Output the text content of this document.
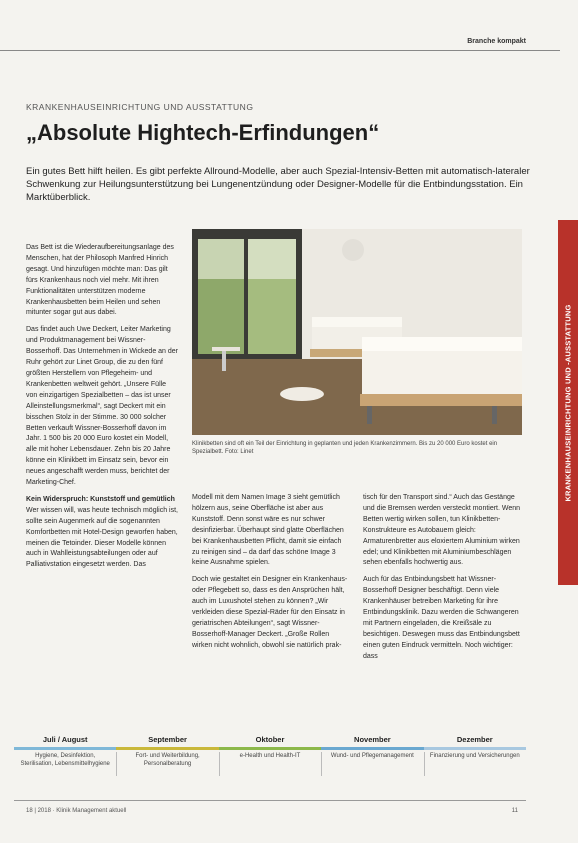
Branche kompakt
KRANKENHAUSEINRICHTUNG UND -AUSSTATTUNG
KRANKENHAUSEINRICHTUNG UND AUSSTATTUNG
„Absolute Hightech-Erfindungen“

Ein gutes Bett hilft heilen. Es gibt perfekte Allround-Modelle, aber auch Spezial-Intensiv-Betten mit automatisch-lateraler Schwenkung zur Heilungsunterstützung bei Lungenentzündung oder Designer-Modelle für die Entbindungsstation. Ein Marktüberblick.

Das Bett ist die Wiederaufbereitungsanlage des Menschen, hat der Philosoph Manfred Hinrich gesagt. Und hinzufügen möchte man: Das gilt fürs Krankenhaus noch viel mehr. Mit ihren Funktionalitäten unterstützen moderne Krankenhausbetten beim Heilen und sehen mitunter sogar gut aus dabei.

Das findet auch Uwe Deckert, Leiter Marketing und Produktmanagement bei Wissner-Bosserhoff. Das Unternehmen in Wickede an der Ruhr gehört zur Linet Group, die zu den fünf größten Herstellern von Pflegeheim- und Krankenbetten weltweit gehört. „Unsere Fülle von einzigartigen Spezialbetten – das ist unser Alleinstellungsmerkmal“, sagt Deckert mit ein bisschen Stolz in der Stimme. 30 000 solcher Betten verkauft Wissner-Bosserhoff davon im Jahr. 1 500 bis 20 000 Euro kostet ein Modell, alle mit hoher Lebensdauer. Zehn bis 20 Jahre könne ein Klinikbett im Einsatz sein, bevor ein neues angeschafft werden muss, berichtet der Marketing-Chef.

Kein Widerspruch: Kunststoff und gemütlich

Wer wissen will, was heute technisch möglich ist, sollte sein Augenmerk auf die sogenannten Komfortbetten mit Hotel-Design geworfen haben, meinen die Tetoinder. Dieser Modelle können auch in Wahlleistungsabteilungen oder auf Palliativstation eingesetzt werden. Das

Klinikbetten sind oft ein Teil der Einrichtung in geplanten und jeden Krankenzimmern. Bis zu 20 000 Euro kostet ein Spezialbett. Foto: Linet

Modell mit dem Namen Image 3 sieht gemütlich hölzern aus, seine Oberfläche ist aber aus Kunststoff. Denn sonst wäre es nur schwer desinfizierbar. Überhaupt sind glatte Oberflächen bei Krankenhausbetten Pflicht, damit sie einfach zu reinigen sind – da darf das schöne Image 3 keine Ausnahme spielen.

Doch wie gestaltet ein Designer ein Krankenhaus- oder Pflegebett so, dass es den Ansprüchen hält, auch im Luxushotel stehen zu können? „Wir verkleiden diese Spezial-Räder für den Einsatz in geriatrischen Abteilungen“, sagt Wissner-Bosserhoff-Manager Deckert. „Große Rollen wirken nicht wohnlich, obwohl sie natürlich prak-

tisch für den Transport sind.“ Auch das Gestänge und die Bremsen werden versteckt montiert. Wenn Betten wertig wirken sollen, tun Klinikbetten-Konstrukteure es Autobauern gleich: Armaturenbretter aus eloxiertem Aluminium wirken edel; und Klinikbetten mit Aluminiumbeschlägen sehen ebenfalls hochwertig aus.

Auch für das Entbindungsbett hat Wissner-Bosserhoff Designer beschäftigt. Denn viele Krankenhäuser betreiben Marketing für ihre Entbindungsklinik. Dazu werden die Schwangeren mit Partnern eingeladen, die Kreißsäle zu besichtigen. Deswegen muss das Entbindungsbett einen guten Eindruck vermitteln. Noch wichtiger: dass

Juli / August
Hygiene, Desinfektion, Sterilisation, Lebensmittelhygiene
September
Fort- und Weiterbildung, Personalberatung
Oktober
e-Health und Health-IT
November
Wund- und Pflegemanagement
Dezember
Finanzierung und Versicherungen
18 | 2018 · Klinik Management aktuell	11
